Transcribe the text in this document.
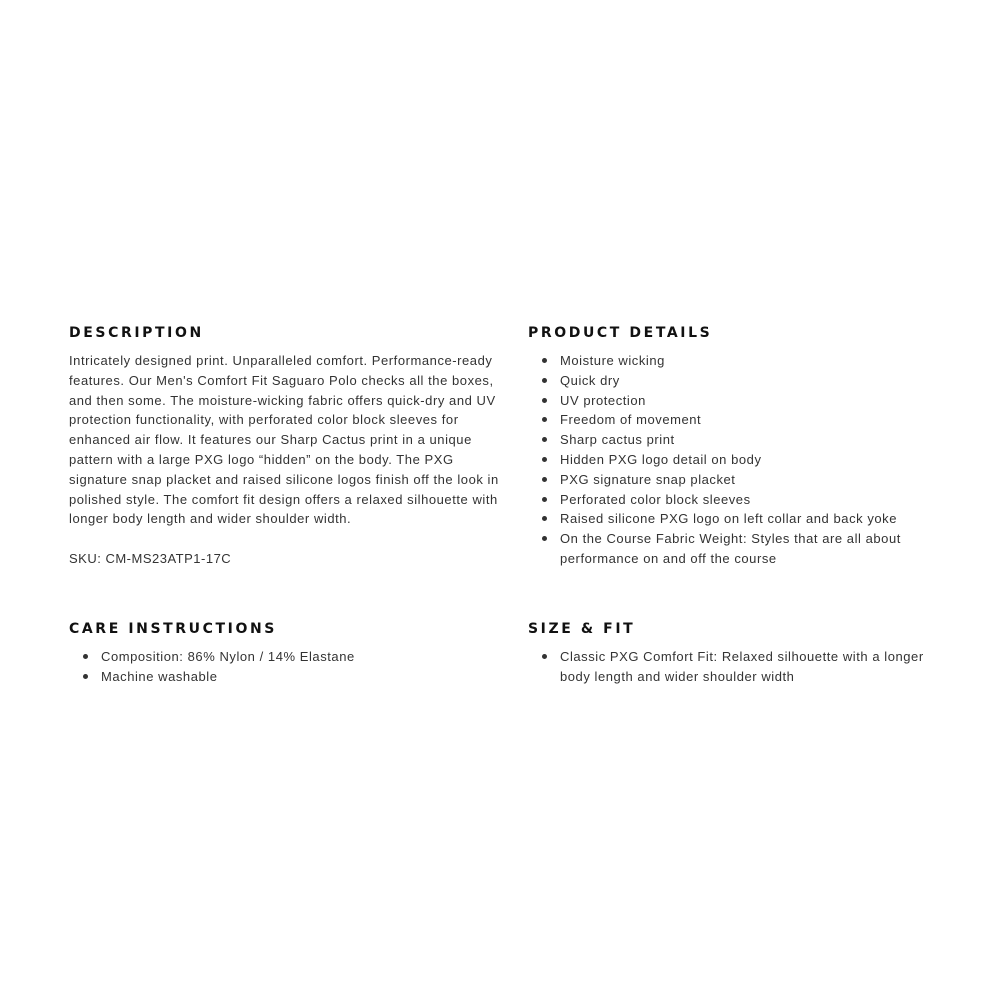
DESCRIPTION

Intricately designed print. Unparalleled comfort. Performance-ready features. Our Men's Comfort Fit Saguaro Polo checks all the boxes, and then some. The moisture-wicking fabric offers quick-dry and UV protection functionality, with perforated color block sleeves for enhanced air flow. It features our Sharp Cactus print in a unique pattern with a large PXG logo “hidden” on the body. The PXG signature snap placket and raised silicone logos finish off the look in polished style. The comfort fit design offers a relaxed silhouette with longer body length and wider shoulder width.

SKU: CM-MS23ATP1-17C

PRODUCT DETAILS
Moisture wicking
Quick dry
UV protection
Freedom of movement
Sharp cactus print
Hidden PXG logo detail on body
PXG signature snap placket
Perforated color block sleeves
Raised silicone PXG logo on left collar and back yoke
On the Course Fabric Weight: Styles that are all about performance on and off the course
CARE INSTRUCTIONS
Composition: 86% Nylon / 14% Elastane
Machine washable
SIZE & FIT
Classic PXG Comfort Fit: Relaxed silhouette with a longer body length and wider shoulder width
